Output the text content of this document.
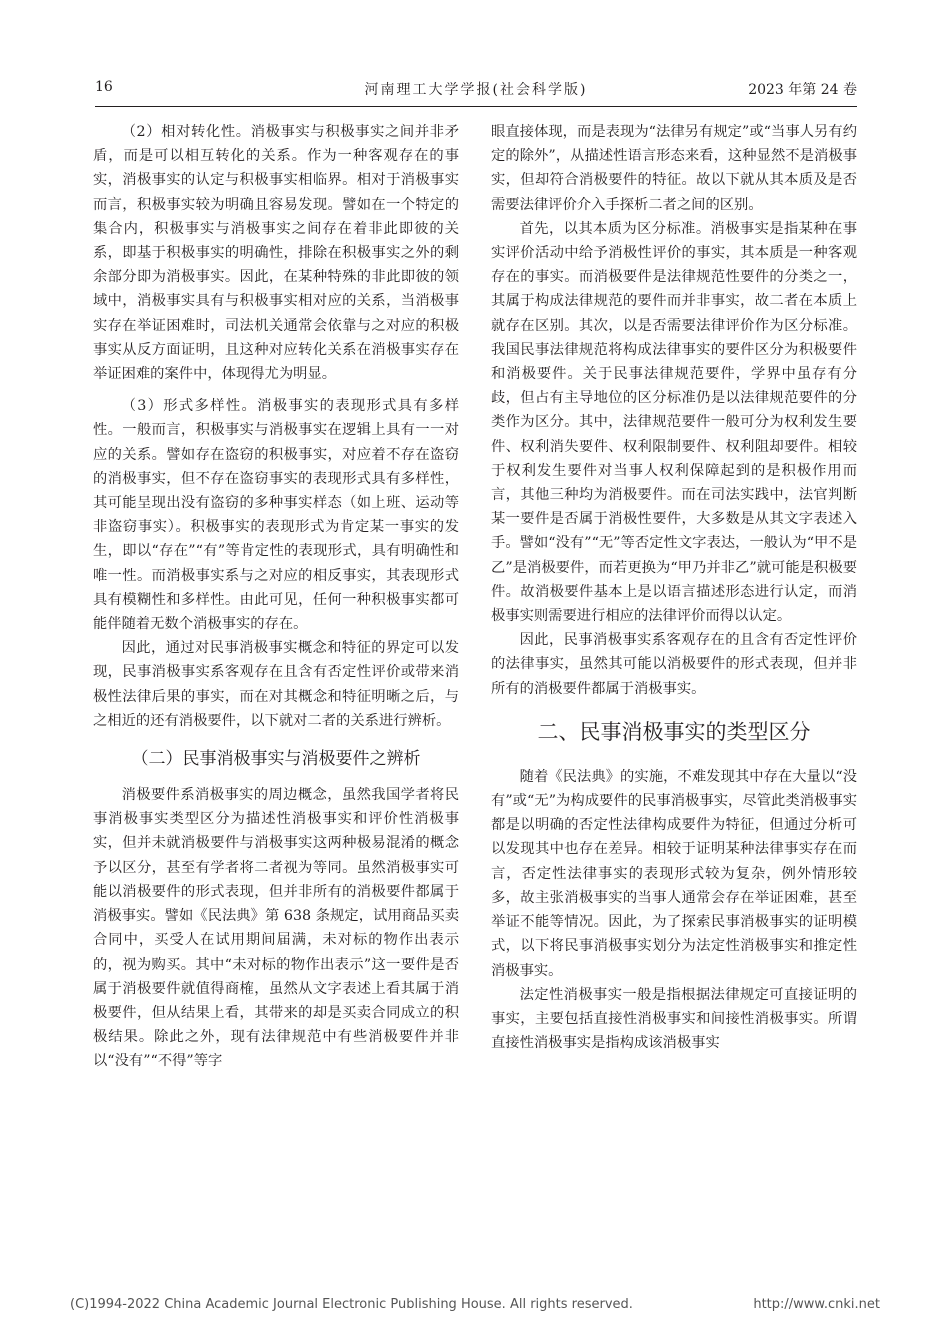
16	河南理工大学学报(社会科学版)	2023 年第 24 卷

（2）相对转化性。消极事实与积极事实之间并非矛盾，而是可以相互转化的关系。作为一种客观存在的事实，消极事实的认定与积极事实相临界。相对于消极事实而言，积极事实较为明确且容易发现。譬如在一个特定的集合内，积极事实与消极事实之间存在着非此即彼的关系，即基于积极事实的明确性，排除在积极事实之外的剩余部分即为消极事实。因此，在某种特殊的非此即彼的领域中，消极事实具有与积极事实相对应的关系，当消极事实存在举证困难时，司法机关通常会依靠与之对应的积极事实从反方面证明，且这种对应转化关系在消极事实存在举证困难的案件中，体现得尤为明显。

（3）形式多样性。消极事实的表现形式具有多样性。一般而言，积极事实与消极事实在逻辑上具有一一对应的关系。譬如存在盗窃的积极事实，对应着不存在盗窃的消极事实，但不存在盗窃事实的表现形式具有多样性，其可能呈现出没有盗窃的多种事实样态（如上班、运动等非盗窃事实）。积极事实的表现形式为肯定某一事实的发生，即以“存在”“有”等肯定性的表现形式，具有明确性和唯一性。而消极事实系与之对应的相反事实，其表现形式具有模糊性和多样性。由此可见，任何一种积极事实都可能伴随着无数个消极事实的存在。

因此，通过对民事消极事实概念和特征的界定可以发现，民事消极事实系客观存在且含有否定性评价或带来消极性法律后果的事实，而在对其概念和特征明晰之后，与之相近的还有消极要件，以下就对二者的关系进行辨析。

（二）民事消极事实与消极要件之辨析

消极要件系消极事实的周边概念，虽然我国学者将民事消极事实类型区分为描述性消极事实和评价性消极事实，但并未就消极要件与消极事实这两种极易混淆的概念予以区分，甚至有学者将二者视为等同。虽然消极事实可能以消极要件的形式表现，但并非所有的消极要件都属于消极事实。譬如《民法典》第 638 条规定，试用商品买卖合同中，买受人在试用期间届满，未对标的物作出表示的，视为购买。其中“未对标的物作出表示”这一要件是否属于消极要件就值得商榷，虽然从文字表述上看其属于消极要件，但从结果上看，其带来的却是买卖合同成立的积极结果。除此之外，现有法律规范中有些消极要件并非以“没有”“不得”等字

眼直接体现，而是表现为“法律另有规定”或“当事人另有约定的除外”，从描述性语言形态来看，这种显然不是消极事实，但却符合消极要件的特征。故以下就从其本质及是否需要法律评价介入手探析二者之间的区别。

首先，以其本质为区分标准。消极事实是指某种在事实评价活动中给予消极性评价的事实，其本质是一种客观存在的事实。而消极要件是法律规范性要件的分类之一，其属于构成法律规范的要件而并非事实，故二者在本质上就存在区别。其次，以是否需要法律评价作为区分标准。我国民事法律规范将构成法律事实的要件区分为积极要件和消极要件。关于民事法律规范要件，学界中虽存有分歧，但占有主导地位的区分标准仍是以法律规范要件的分类作为区分。其中，法律规范要件一般可分为权利发生要件、权利消失要件、权利限制要件、权利阻却要件。相较于权利发生要件对当事人权利保障起到的是积极作用而言，其他三种均为消极要件。而在司法实践中，法官判断某一要件是否属于消极性要件，大多数是从其文字表述入手。譬如“没有”“无”等否定性文字表达，一般认为“甲不是乙”是消极要件，而若更换为“甲乃并非乙”就可能是积极要件。故消极要件基本上是以语言描述形态进行认定，而消极事实则需要进行相应的法律评价而得以认定。

因此，民事消极事实系客观存在的且含有否定性评价的法律事实，虽然其可能以消极要件的形式表现，但并非所有的消极要件都属于消极事实。

二、民事消极事实的类型区分

随着《民法典》的实施，不难发现其中存在大量以“没有”或“无”为构成要件的民事消极事实，尽管此类消极事实都是以明确的否定性法律构成要件为特征，但通过分析可以发现其中也存在差异。相较于证明某种法律事实存在而言，否定性法律事实的表现形式较为复杂，例外情形较多，故主张消极事实的当事人通常会存在举证困难，甚至举证不能等情况。因此，为了探索民事消极事实的证明模式，以下将民事消极事实划分为法定性消极事实和推定性消极事实。

法定性消极事实一般是指根据法律规定可直接证明的事实，主要包括直接性消极事实和间接性消极事实。所谓直接性消极事实是指构成该消极事实

(C)1994-2022 China Academic Journal Electronic Publishing House. All rights reserved.	http://www.cnki.net
